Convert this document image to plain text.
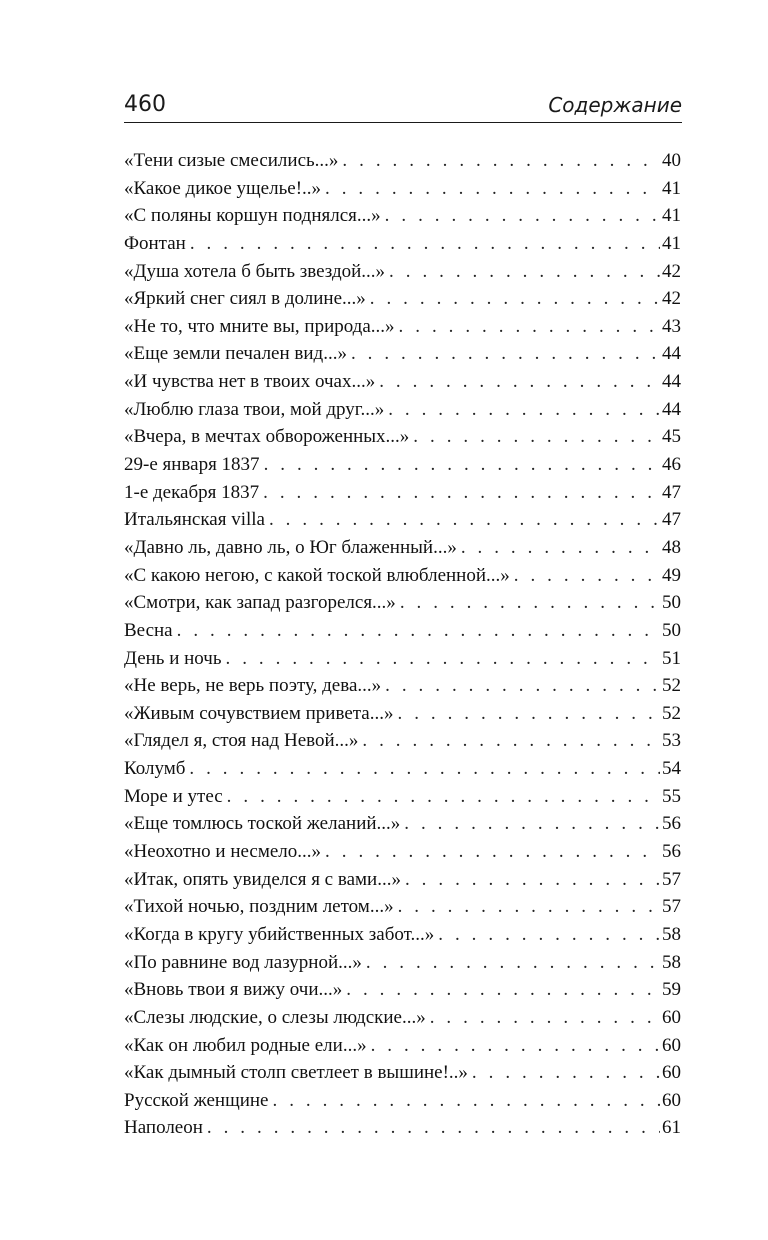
460	Содержание
«Тени сизые смесились...» . . .	40
«Какое дикое ущелье!..» . . .	41
«С поляны коршун поднялся...» . . .	41
Фонтан . . .	41
«Душа хотела б быть звездой...» . . .	42
«Яркий снег сиял в долине...» . . .	42
«Не то, что мните вы, природа...» . . .	43
«Еще земли печален вид...» . . .	44
«И чувства нет в твоих очах...» . . .	44
«Люблю глаза твои, мой друг...» . . .	44
«Вчера, в мечтах обвороженных...» . . .	45
29-е января 1837 . . .	46
1-е декабря 1837 . . .	47
Итальянская villa . . .	47
«Давно ль, давно ль, о Юг блаженный...» . . .	48
«С какою негою, с какой тоской влюбленной...» . . .	49
«Смотри, как запад разгорелся...» . . .	50
Весна . . .	50
День и ночь . . .	51
«Не верь, не верь поэту, дева...» . . .	52
«Живым сочувствием привета...» . . .	52
«Глядел я, стоя над Невой...» . . .	53
Колумб . . .	54
Море и утес . . .	55
«Еще томлюсь тоской желаний...» . . .	56
«Неохотно и несмело...» . . .	56
«Итак, опять увиделся я с вами...» . . .	57
«Тихой ночью, поздним летом...» . . .	57
«Когда в кругу убийственных забот...» . . .	58
«По равнине вод лазурной...» . . .	58
«Вновь твои я вижу очи...» . . .	59
«Слезы людские, о слезы людские...» . . .	60
«Как он любил родные ели...» . . .	60
«Как дымный столп светлеет в вышине!..» . . .	60
Русской женщине . . .	60
Наполеон . . .	61
